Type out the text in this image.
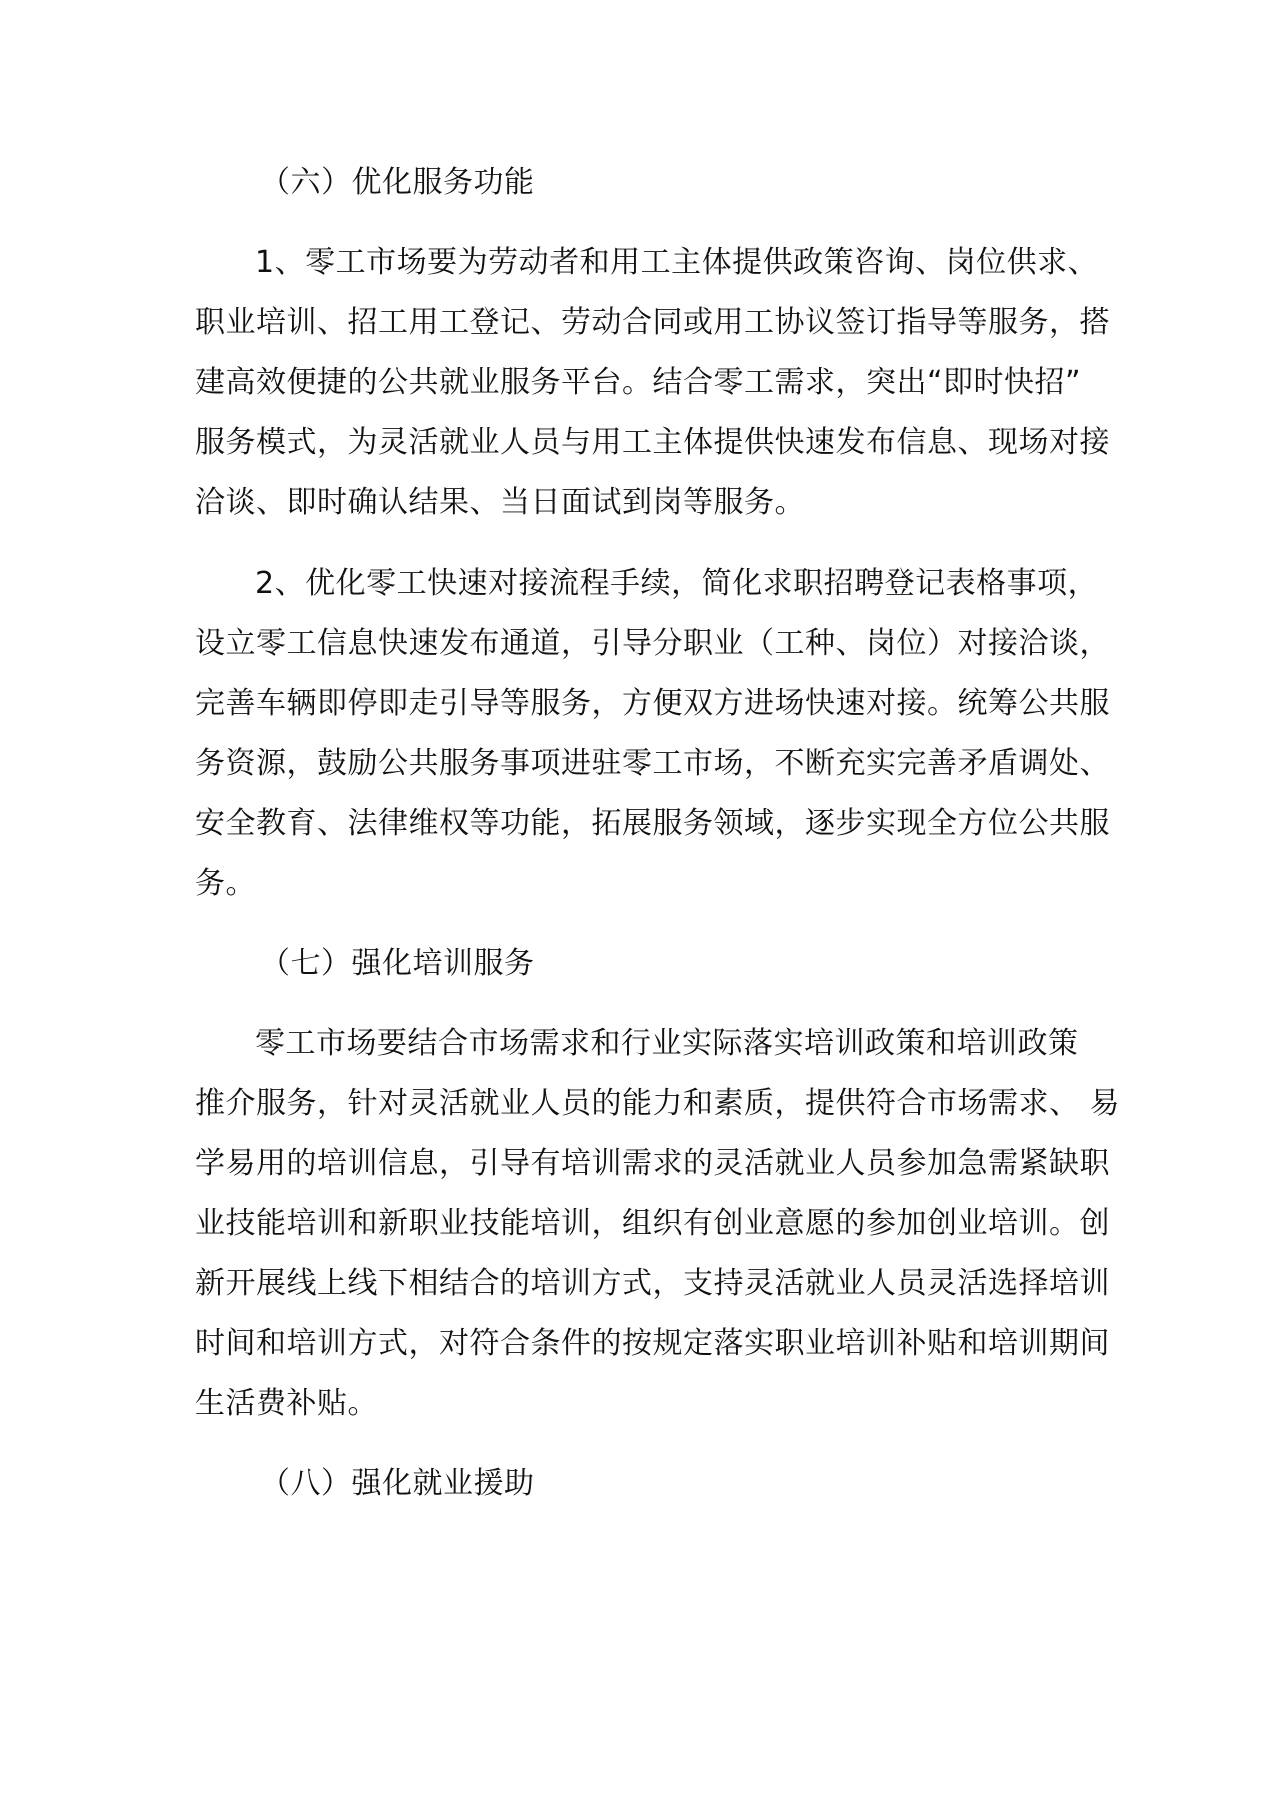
（六）优化服务功能
1、零工市场要为劳动者和用工主体提供政策咨询、岗位供求、
职业培训、招工用工登记、劳动合同或用工协议签订指导等服务，搭
建高效便捷的公共就业服务平台。结合零工需求，突出“即时快招”
服务模式，为灵活就业人员与用工主体提供快速发布信息、现场对接
洽谈、即时确认结果、当日面试到岗等服务。
2、优化零工快速对接流程手续，简化求职招聘登记表格事项，
设立零工信息快速发布通道，引导分职业（工种、岗位）对接洽谈，
完善车辆即停即走引导等服务，方便双方进场快速对接。统筹公共服
务资源，鼓励公共服务事项进驻零工市场，不断充实完善矛盾调处、
安全教育、法律维权等功能，拓展服务领域，逐步实现全方位公共服
务。
（七）强化培训服务
零工市场要结合市场需求和行业实际落实培训政策和培训政策
推介服务，针对灵活就业人员的能力和素质，提供符合市场需求、 易
学易用的培训信息，引导有培训需求的灵活就业人员参加急需紧缺职
业技能培训和新职业技能培训，组织有创业意愿的参加创业培训。创
新开展线上线下相结合的培训方式，支持灵活就业人员灵活选择培训
时间和培训方式，对符合条件的按规定落实职业培训补贴和培训期间
生活费补贴。
（八）强化就业援助
